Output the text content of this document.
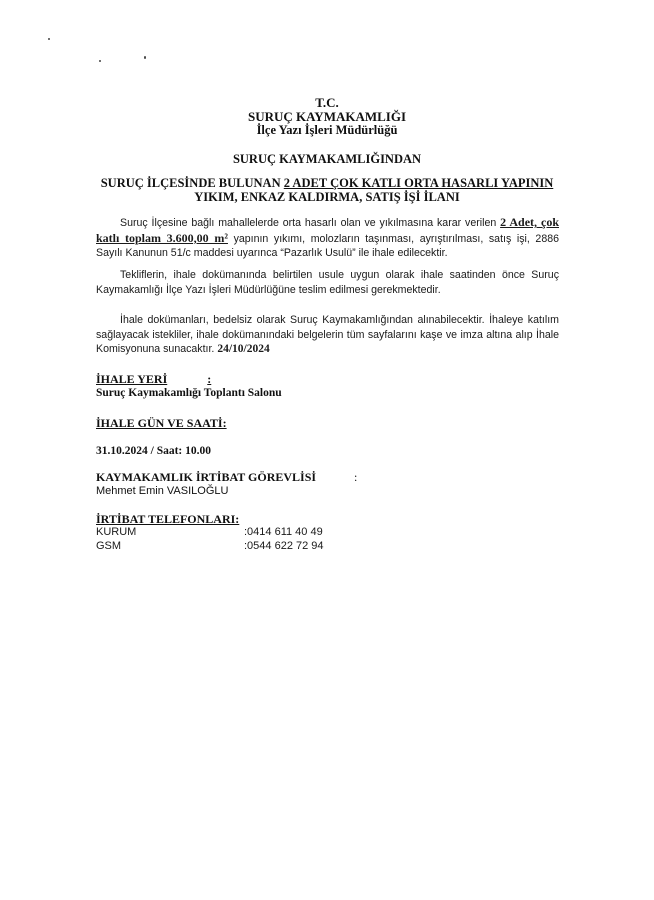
T.C.
SURUÇ KAYMAKAMLIĞI
İlçe Yazı İşleri Müdürlüğü
SURUÇ KAYMAKAMLIĞINDAN
SURUÇ İLÇESİNDE BULUNAN 2 ADET ÇOK KATLI ORTA HASARLI YAPININ
YIKIM, ENKAZ KALDIRMA, SATIŞ İŞİ İLANI
Suruç İlçesine bağlı mahallelerde orta hasarlı olan ve yıkılmasına karar verilen 2 Adet, çok katlı toplam 3.600,00 m² yapının yıkımı, molozların taşınması, ayrıştırılması, satış işi, 2886 Sayılı Kanunun 51/c maddesi uyarınca “Pazarlık Usulü” ile ihale edilecektir.
Tekliflerin, ihale dokümanında belirtilen usule uygun olarak ihale saatinden önce Suruç Kaymakamlığı İlçe Yazı İşleri Müdürlüğüne teslim edilmesi gerekmektedir.
İhale dokümanları, bedelsiz olarak Suruç Kaymakamlığından alınabilecektir. İhaleye katılım sağlayacak istekliler, ihale dokümanındaki belgelerin tüm sayfalarını kaşe ve imza altına alıp İhale Komisyonuna sunacaktır. 24/10/2024
İHALE YERİ	:
Suruç Kaymakamlığı Toplantı Salonu
İHALE GÜN VE SAATİ:
31.10.2024 / Saat: 10.00
KAYMAKAMLIK İRTİBAT GÖREVLİSİ	:
Mehmet Emin VASILOĞLU
İRTİBAT TELEFONLARI:
KURUM	:0414 611 40 49
GSM	:0544 622 72 94
